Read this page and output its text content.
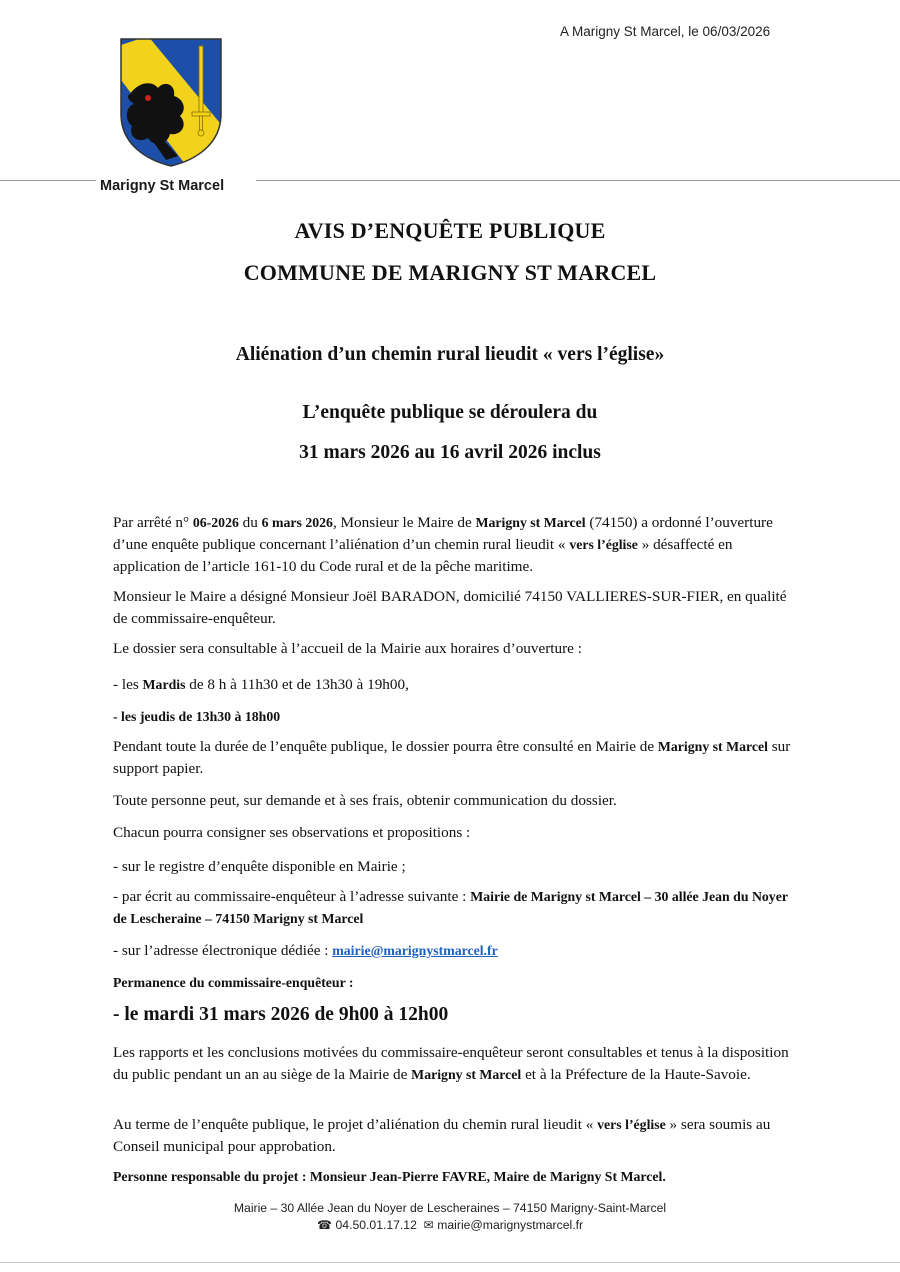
A Marigny St Marcel, le 06/03/2026
Marigny St Marcel
AVIS D’ENQUÊTE PUBLIQUE
COMMUNE DE MARIGNY ST MARCEL
Aliénation d’un chemin rural lieudit « vers l’église»
L’enquête publique se déroulera du
31 mars 2026 au 16 avril 2026 inclus

Par arrêté n° 06-2026 du 6 mars 2026, Monsieur le Maire de Marigny st Marcel (74150) a ordonné l’ouverture d’une enquête publique concernant l’aliénation d’un chemin rural lieudit « vers l’église » désaffecté en application de l’article 161-10 du Code rural et de la pêche maritime.

Monsieur le Maire a désigné Monsieur Joël BARADON, domicilié 74150 VALLIERES-SUR-FIER, en qualité de commissaire-enquêteur.
Le dossier sera consultable à l’accueil de la Mairie aux horaires d’ouverture :
- les Mardis de 8 h à 11h30 et de 13h30 à 19h00,
- les jeudis de 13h30 à 18h00
Pendant toute la durée de l’enquête publique, le dossier pourra être consulté en Mairie de Marigny st Marcel sur support papier.
Toute personne peut, sur demande et à ses frais, obtenir communication du dossier.
Chacun pourra consigner ses observations et propositions :
- sur le registre d’enquête disponible en Mairie ;
- par écrit au commissaire-enquêteur à l’adresse suivante : Mairie de Marigny st Marcel – 30 allée Jean du Noyer de Lescheraine – 74150 Marigny st Marcel
- sur l’adresse électronique dédiée : mairie@marignystmarcel.fr
Permanence du commissaire-enquêteur :
- le mardi 31 mars 2026 de 9h00 à 12h00
Les rapports et les conclusions motivées du commissaire-enquêteur seront consultables et tenus à la disposition du public pendant un an au siège de la Mairie de Marigny st Marcel et à la Préfecture de la Haute-Savoie.
Au terme de l’enquête publique, le projet d’aliénation du chemin rural lieudit « vers l’église » sera soumis au Conseil municipal pour approbation.
Personne responsable du projet : Monsieur Jean-Pierre FAVRE, Maire de Marigny St Marcel.
Mairie – 30 Allée Jean du Noyer de Lescheraines – 74150 Marigny-Saint-Marcel
☎ 04.50.01.17.12 ✉ mairie@marignystmarcel.fr
